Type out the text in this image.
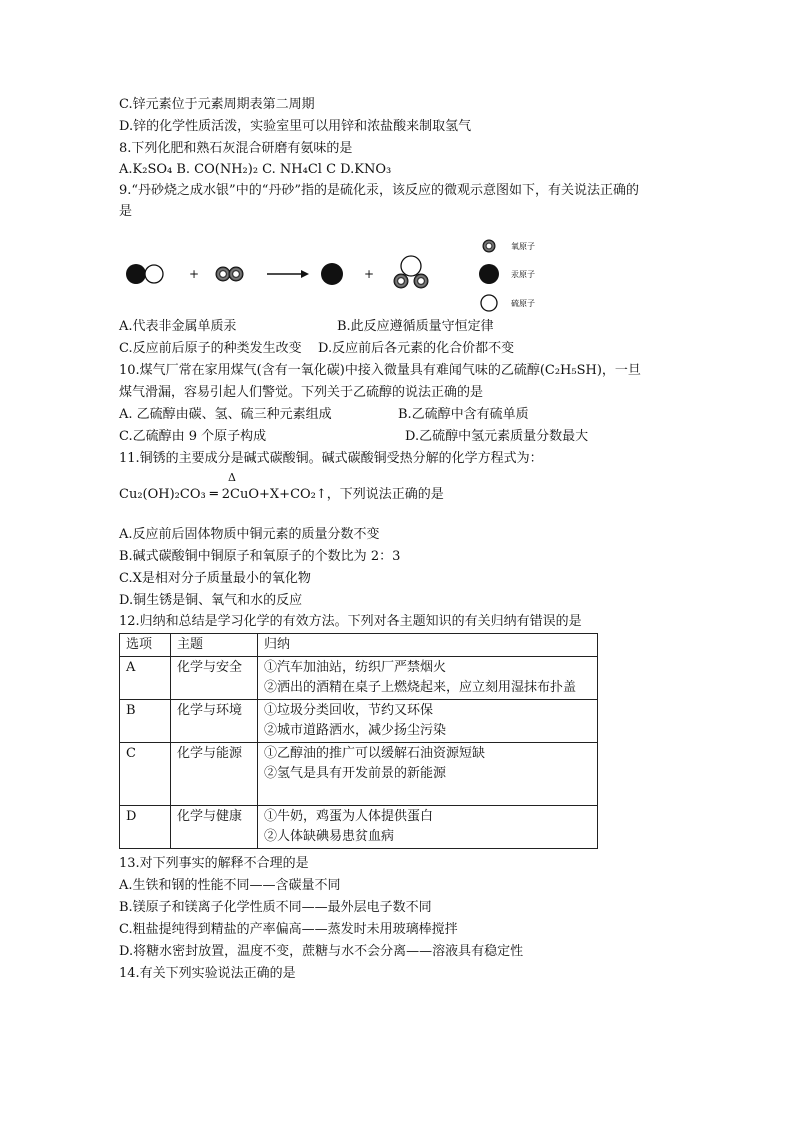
C.锌元素位于元素周期表第二周期
D.锌的化学性质活泼，实验室里可以用锌和浓盐酸来制取氢气
8.下列化肥和熟石灰混合研磨有氨味的是
A.K₂SO₄ B. CO(NH₂)₂ C. NH₄Cl C D.KNO₃
9.“丹砂烧之成水银”中的“丹砂”指的是硫化汞，该反应的微观示意图如下，有关说法正确的
是
+	+
氧原子
汞原子
硫原子
A.代表非金属单质汞	B.此反应遵循质量守恒定律
C.反应前后原子的种类发生改变 D.反应前后各元素的化合价都不变
10.煤气厂常在家用煤气(含有一氧化碳)中接入微量具有难闻气味的乙硫醇(C₂H₅SH)，一旦
煤气滑漏，容易引起人们警觉。下列关于乙硫醇的说法正确的是
A. 乙硫醇由碳、氢、硫三种元素组成	B.乙硫醇中含有硫单质
C.乙硫醇由 9 个原子构成	D.乙硫醇中氢元素质量分数最大
11.铜锈的主要成分是碱式碳酸铜。碱式碳酸铜受热分解的化学方程式为：
Δ
Cu₂(OH)₂CO₃ ═ 2CuO+X+CO₂↑，下列说法正确的是
A.反应前后固体物质中铜元素的质量分数不变
B.碱式碳酸铜中铜原子和氧原子的个数比为 2：3
C.X是相对分子质量最小的氧化物
D.铜生锈是铜、氧气和水的反应
12.归纳和总结是学习化学的有效方法。下列对各主题知识的有关归纳有错误的是
选项	主题	归纳
A	化学与安全	①汽车加油站，纺织厂严禁烟火
②洒出的酒精在桌子上燃烧起来，应立刻用湿抹布扑盖

B	化学与环境	①垃圾分类回收，节约又环保
②城市道路洒水，减少扬尘污染

C	化学与能源	①乙醇油的推广可以缓解石油资源短缺
②氢气是具有开发前景的新能源

D	化学与健康	①牛奶，鸡蛋为人体提供蛋白
②人体缺碘易患贫血病
13.对下列事实的解释不合理的是
A.生铁和钢的性能不同——含碳量不同
B.镁原子和镁离子化学性质不同——最外层电子数不同
C.粗盐提纯得到精盐的产率偏高——蒸发时未用玻璃棒搅拌
D.将糖水密封放置，温度不变，蔗糖与水不会分离——溶液具有稳定性
14.有关下列实验说法正确的是
